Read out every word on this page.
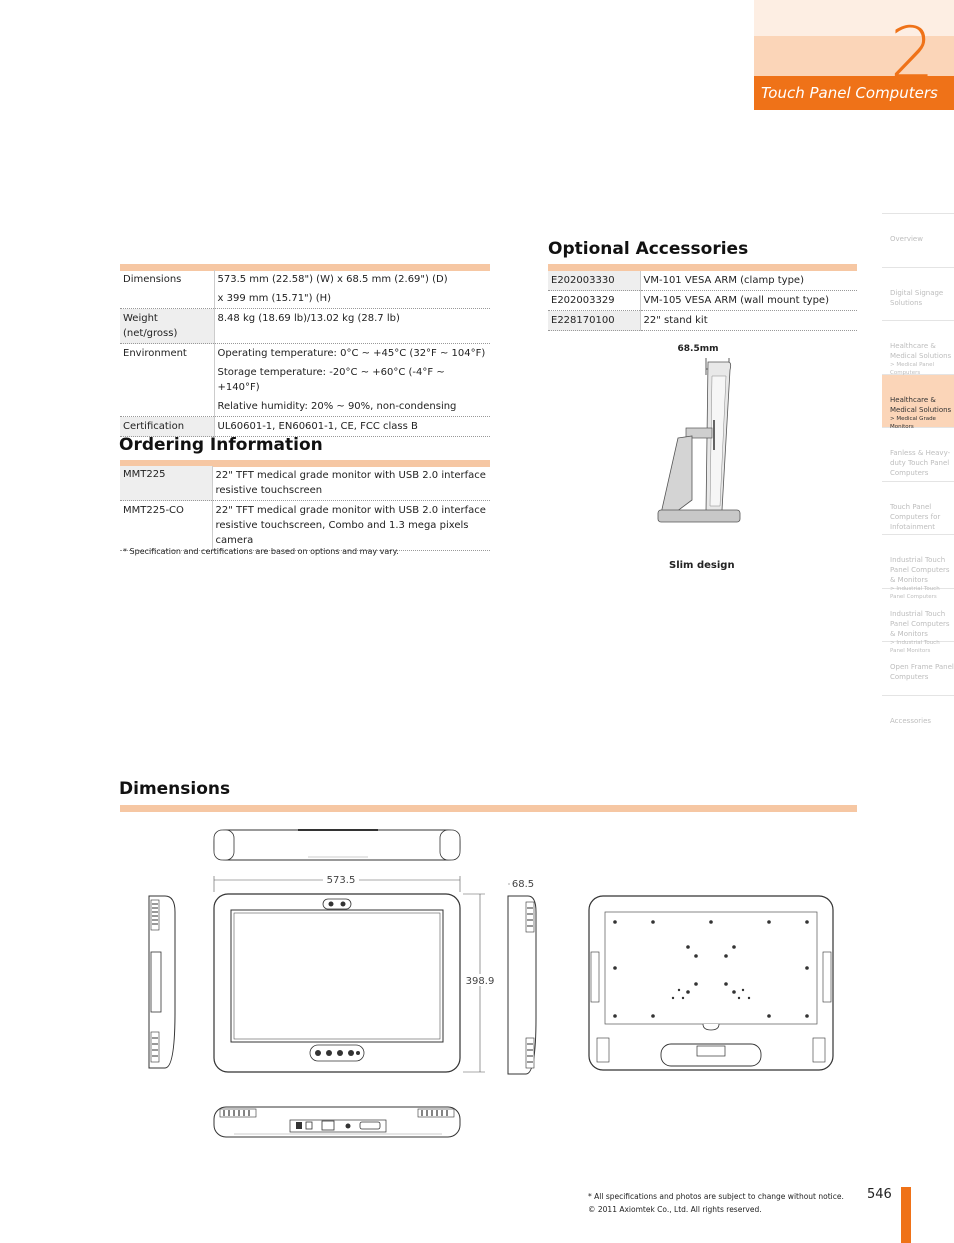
2
Touch Panel Computers
Overview
Digital Signage Solutions
Healthcare & Medical Solutions
> Medical Panel Computers
Healthcare & Medical Solutions
> Medical Grade Monitors
Fanless & Heavy-duty Touch Panel Computers
Touch Panel Computers for Infotainment
Industrial Touch Panel Computers & Monitors
> Industrial Touch Panel Computers
Industrial Touch Panel Computers & Monitors
> Industrial Touch Panel Monitors
Open Frame Panel Computers
Accessories
Dimensions	573.5 mm (22.58") (W) x 68.5 mm (2.69") (D)
	x 399 mm (15.71") (H)
Weight (net/gross)	8.48 kg (18.69 lb)/13.02 kg (28.7 lb)
Environment	Operating temperature: 0°C ~ +45°C (32°F ~ 104°F)
	Storage temperature: -20°C ~ +60°C (-4°F ~ +140°F)
	Relative humidity: 20% ~ 90%, non-condensing
Certification	UL60601-1, EN60601-1, CE, FCC class B
Ordering Information
MMT225	22" TFT medical grade monitor with USB 2.0 interface
resistive touchscreen

MMT225-CO	22" TFT medical grade monitor with USB 2.0 interface
resistive touchscreen, Combo and 1.3 mega pixels
camera
* Specification and certifications are based on options and may vary.
Optional Accessories
E202003330	VM-101 VESA ARM (clamp type)
E202003329	VM-105 VESA ARM (wall mount type)
E228170100	22" stand kit
68.5mm
Slim design
Dimensions
573.5
398.9
68.5
* All specifications and photos are subject to change without notice.
© 2011 Axiomtek Co., Ltd. All rights reserved.
546
